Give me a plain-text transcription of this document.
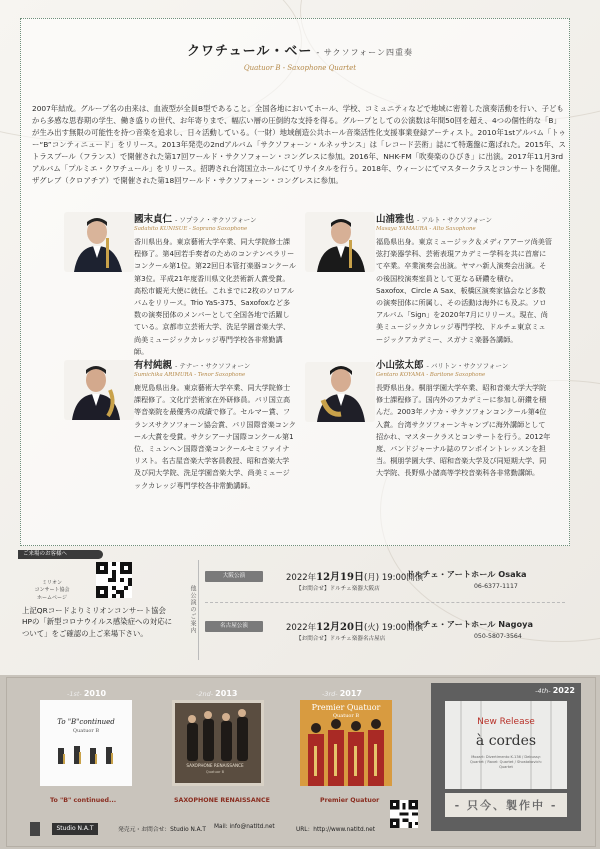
クワチュール・ベー - サクソフォーン四重奏
Quatuor B - Saxophone Quartet
2007年結成。グループ名の由来は、血液型が全員B型であること。全国各地においてホール、学校、コミュニティなどで地域に密着した演奏活動を行い、子どもから多感な思春期の学生、働き盛りの世代、お年寄りまで、幅広い層の圧倒的な支持を得る。グループとしての公演数は年間50回を超え、4つの個性的な「B」が生み出す無限の可能性を持つ音楽を追求し、日々活動している。（一財）地域創造公共ホール音楽活性化支援事業登録アーティスト。2010年1stアルバム「トゥー“B”コンティニュード」をリリース。2013年発売の2ndアルバム「サクソフォーン・ルネッサンス」は「レコード芸術」誌にて特選盤に選ばれた。2015年、ストラスブール（フランス）で開催された第17回ワールド・サクソフォーン・コングレスに参加。2016年、NHK-FM「吹奏楽のひびき」に出演。2017年11月3rdアルバム「プルミエ・クワチュール」をリリース。招聘され台湾国立ホールにてリサイタルを行う。2018年、ウィーンにてマスタークラスとコンサートを開催。ザグレブ（クロアチア）で開催された第18回ワールド・サクソフォーン・コングレスに参加。
國末貞仁 - ソプラノ・サクソフォーン
Sadahito KUNISUE - Soprano Saxophone
香川県出身。東京藝術大学卒業、同大学院修士課程修了。第4回若手奏者のためのコンテンペラリーコンクール第1位。第22回日本管打楽器コンクール第3位。平成21年度香川県文化芸術新人賞受賞。高松市観光大使に就任。これまでに2枚のソロアルバムをリリース。Trio YaS-375、Saxofoxなど多数の演奏団体のメンバーとして全国各地で活躍している。京都市立芸術大学、洗足学園音楽大学、尚美ミュージックカレッジ専門学校各非常勤講師。
山浦雅也 - アルト・サクソフォーン
Masaya YAMAURA - Alto Saxophone
福島県出身。東京ミュージック＆メディアアーツ尚美管弦打楽器学科、芸術表現アカデミー学科を共に首席にて卒業。卒業演奏会出演。ヤマハ新人演奏会出演。その後国校演奏室員として更なる研鑽を積む。Saxofox、Circle A Sax、板橋区演奏家協会など多数の演奏団体に所属し、その活動は海外にも及ぶ。ソロアルバム「Sign」を2020年7月にリリース。現在、尚美ミュージックカレッジ専門学校、ドルチェ東京ミュージックアカデミー、スガナミ楽器各講師。
有村純親 - テナー・サクソフォーン
Sumichika ARIMURA - Tenor Saxophone
鹿児島県出身。東京藝術大学卒業、同大学院修士課程修了。文化庁芸術家在外研修員。パリ国立高等音楽院を最優秀の成績で修了。セルマー賞、フランスサクソフォーン協会賞、パリ国際音楽コンクール大賞を受賞。サクシアーナ国際コンクール第1位、ミュンヘン国際音楽コンクールセミファイナリスト。名古屋音楽大学客員教授、昭和音楽大学及び同大学院、洗足学園音楽大学、尚美ミュージックカレッジ専門学校各非常勤講師。
小山弦太郎 - バリトン・サクソフォーン
Gentaro KOYAMA - Baritone Saxophone
長野県出身。桐朋学園大学卒業、昭和音楽大学大学院修士課程修了。国内外のアカデミーに参加し研鑽を積んだ。2003年ノナカ・サクソフォンコンクール第4位入賞。台湾サクソフォーンキャンプに海外講師として招かれ、マスタークラスとコンサートを行う。2012年度、バンドジャーナル誌のワンポイントレッスンを担当。桐朋学園大学、昭和音楽大学及び同短期大学、同大学院、長野県小諸高等学校音楽科各非常勤講師。
ご来場のお客様へ
ミリオン
コンサート協会
ホームページ
上記QRコードよりミリオンコンサート協会HPの「新型コロナウイルス感染症への対応について」をご確認の上ご来場下さい。	他公演のご案内
大阪公演	2022年12月19日(月) 19:00開演
ドルチェ・アートホール Osaka
【お問合せ】ドルチェ楽器大阪店	06-6377-1117
名古屋公演	2022年12月20日(火) 19:00開演
ドルチェ・アートホール Nagoya
【お問合せ】ドルチェ楽器名古屋店	050-5807-3564
-1st- 2010
To "B"continued
Quatuor B
To "B" continued...
-2nd- 2013
SAXOPHONE RENAISSANCE
Quatuor B
SAXOPHONE RENAISSANCE
-3rd- 2017
Premier Quatuor
Quatuor B
Premier Quatuor
-4th- 2022
New Release
à cordes
Mozart: Divertimento K.136 / Debussy: Quartet / Ravel: Quartet / Shostakovich: Quartet
- 只今、製作中 -
Studio N.A.T	発売元・お問合せ：Studio N.A.T Mail: info@natltd.net	URL：http://www.natltd.net
